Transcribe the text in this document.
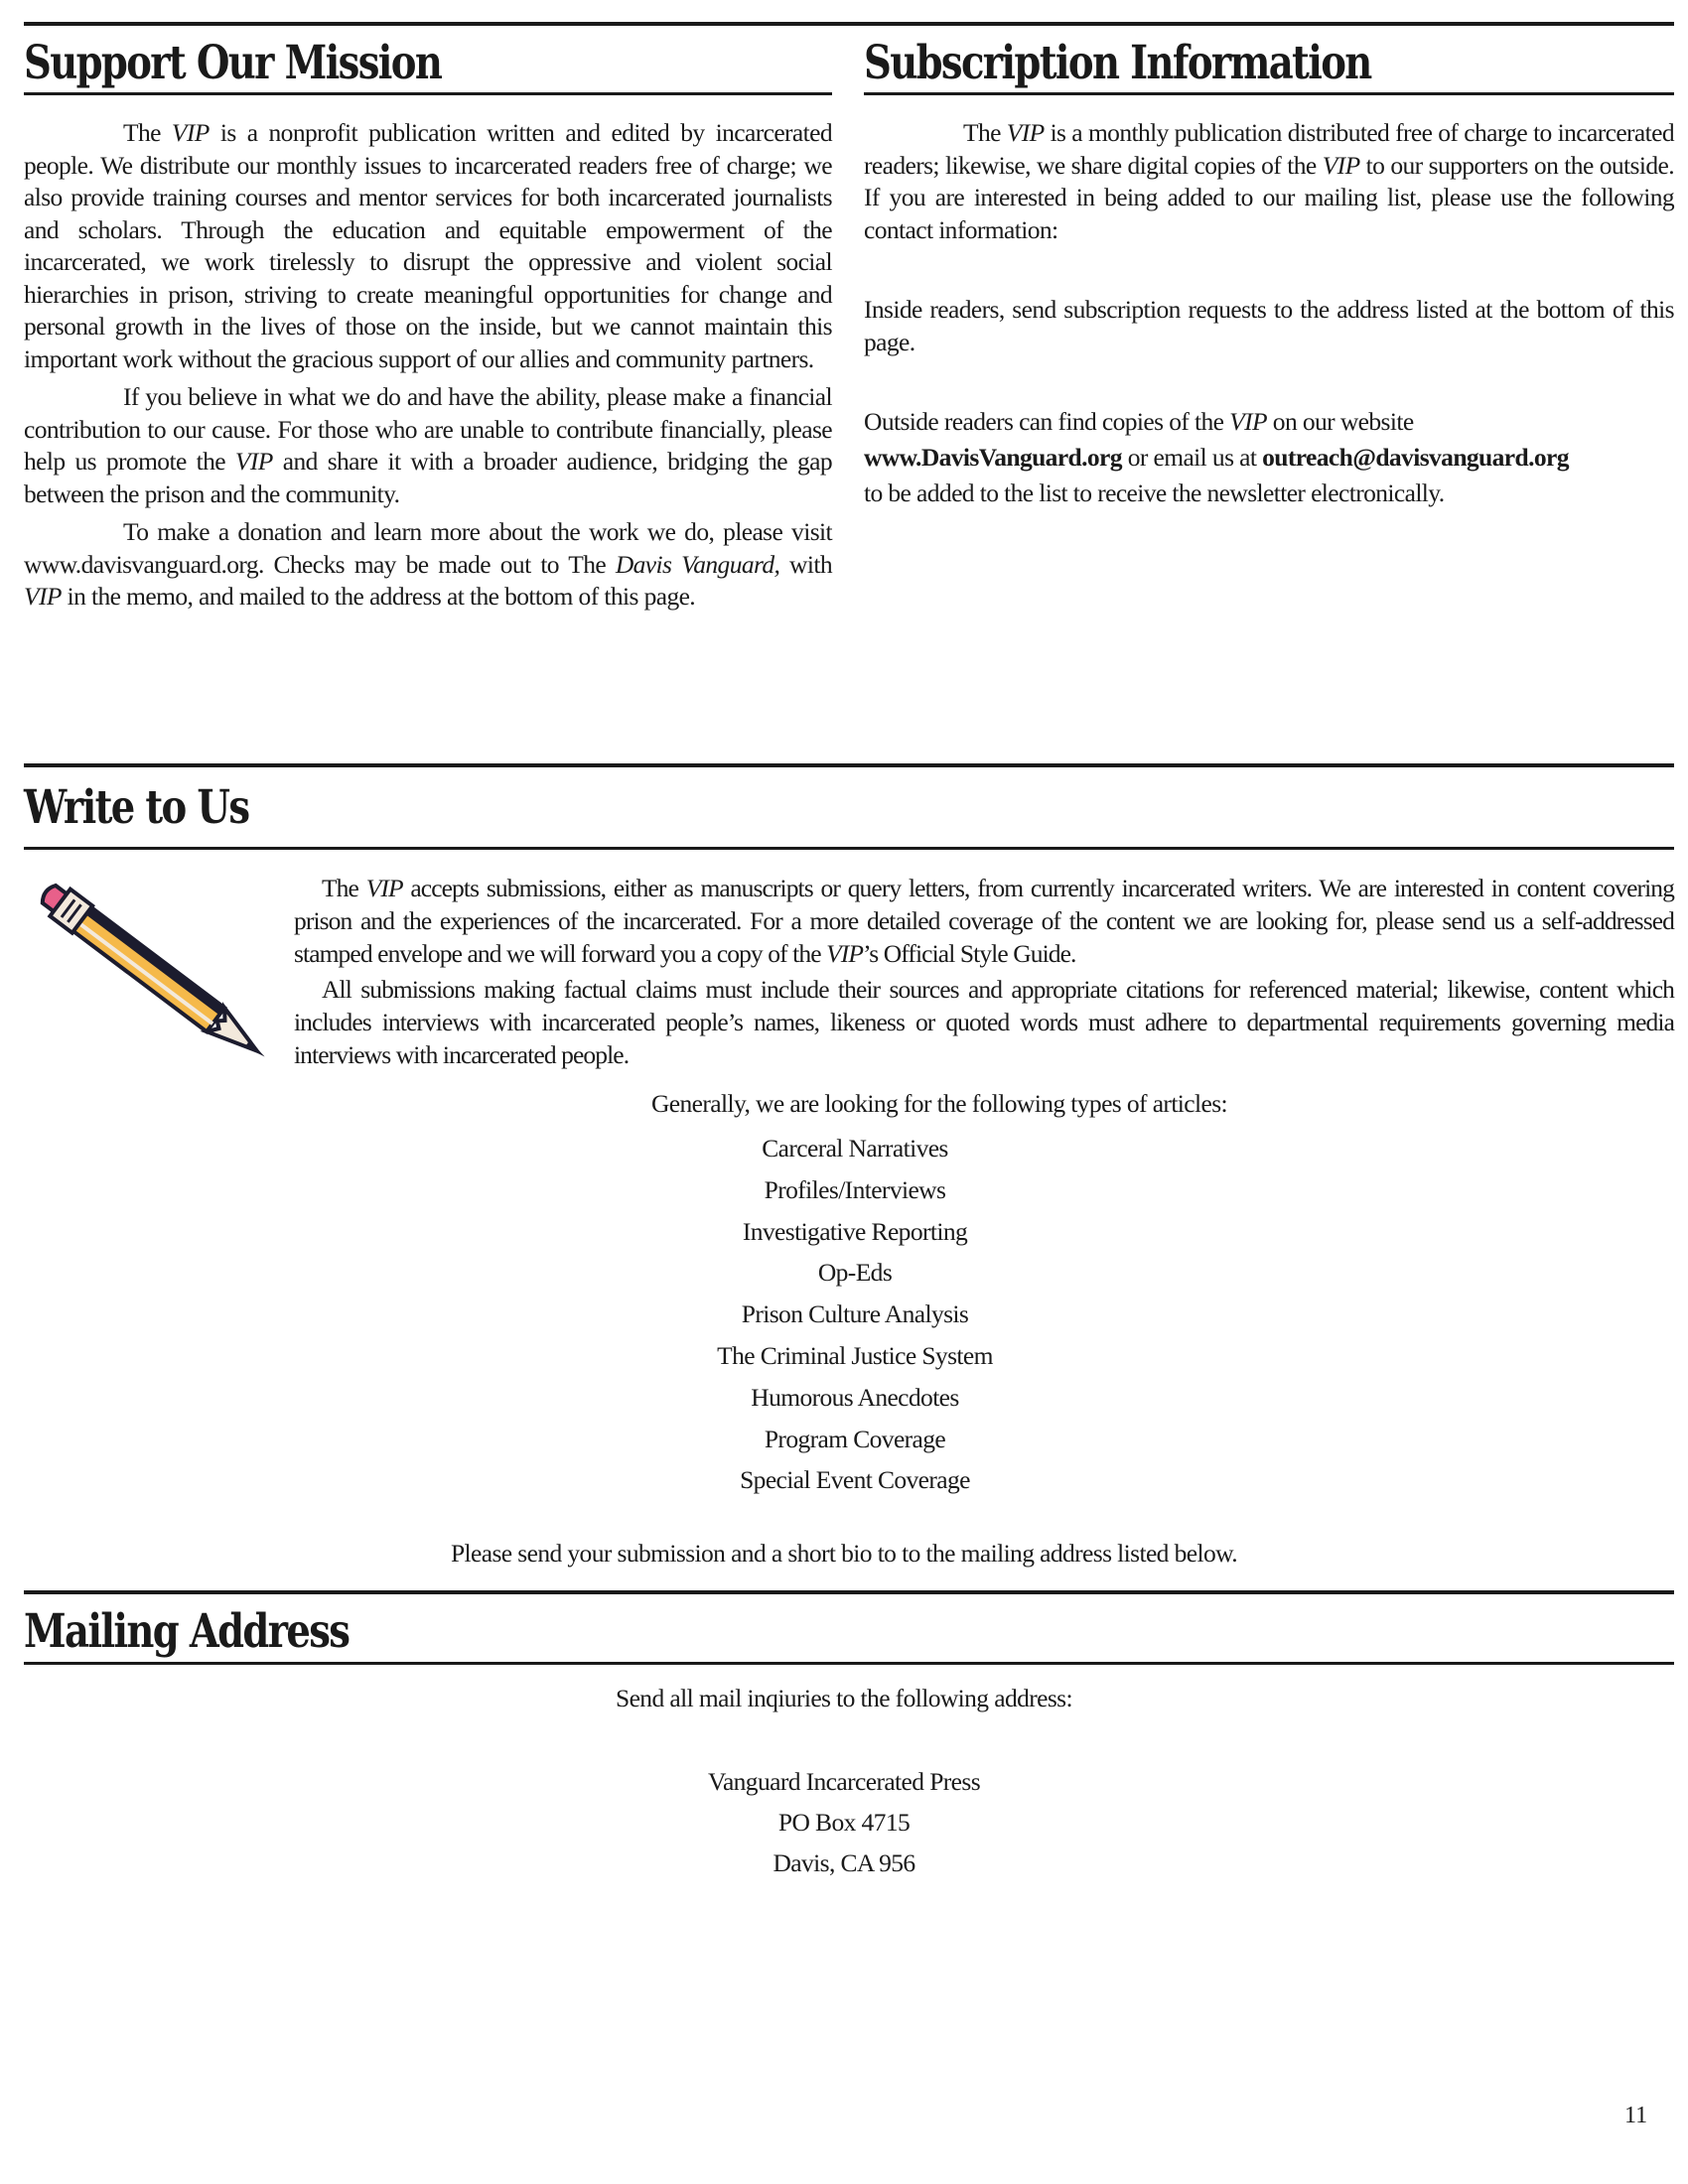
Support Our Mission

The VIP is a nonprofit publication written and edited by incarcerated people. We distribute our monthly issues to incarcerated readers free of charge; we also provide training courses and mentor services for both incarcerated journalists and scholars. Through the education and equitable empowerment of the incarcerated, we work tirelessly to disrupt the oppressive and violent social hierarchies in prison, striving to create meaningful opportunities for change and personal growth in the lives of those on the inside, but we cannot maintain this important work without the gracious support of our allies and community partners.

If you believe in what we do and have the ability, please make a financial contribution to our cause. For those who are unable to contribute financially, please help us promote the VIP and share it with a broader audience, bridging the gap between the prison and the community.

To make a donation and learn more about the work we do, please visit www.davisvanguard.org. Checks may be made out to The Davis Vanguard, with VIP in the memo, and mailed to the address at the bottom of this page.

Subscription Information

The VIP is a monthly publication distributed free of charge to incarcerated readers; likewise, we share digital copies of the VIP to our supporters on the outside. If you are interested in being added to our mailing list, please use the following contact information:

Inside readers, send subscription requests to the address listed at the bottom of this page.

Outside readers can find copies of the VIP on our website
www.DavisVanguard.org or email us at outreach@davisvanguard.org
to be added to the list to receive the newsletter electronically.

Write to Us

The VIP accepts submissions, either as manuscripts or query letters, from currently incarcerated writers. We are interested in content covering prison and the experiences of the incarcerated. For a more detailed coverage of the content we are looking for, please send us a self-addressed stamped envelope and we will forward you a copy of the VIP’s Official Style Guide.

All submissions making factual claims must include their sources and appropriate citations for referenced material; likewise, content which includes interviews with incarcerated people’s names, likeness or quoted words must adhere to departmental requirements governing media interviews with incarcerated people.

Generally, we are looking for the following types of articles:
Carceral Narratives
Profiles/Interviews
Investigative Reporting
Op-Eds
Prison Culture Analysis
The Criminal Justice System
Humorous Anecdotes
Program Coverage
Special Event Coverage
Please send your submission and a short bio to to the mailing address listed below.
Mailing Address
Send all mail inqiuries to the following address:
Vanguard Incarcerated Press
PO Box 4715
Davis, CA 956
11
